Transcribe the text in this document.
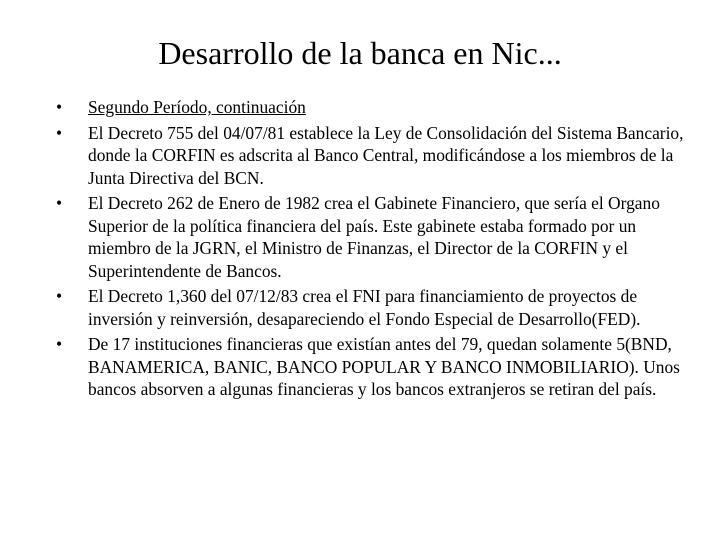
Desarrollo de la banca en Nic...
•	Segundo Período, continuación
•	El Decreto 755 del 04/07/81 establece la Ley de Consolidación del Sistema Bancario, donde la CORFIN es adscrita al Banco Central, modificándose a los miembros de la Junta Directiva del BCN.
•	El Decreto 262 de Enero de 1982 crea el Gabinete Financiero, que sería el Organo Superior de la política financiera del país. Este gabinete estaba formado por un miembro de la JGRN, el Ministro de Finanzas, el Director de la CORFIN y el Superintendente de Bancos.
•	El Decreto 1,360 del 07/12/83 crea el FNI para financiamiento de proyectos de inversión y reinversión, desapareciendo el Fondo Especial de Desarrollo(FED).
•	De 17 instituciones financieras que existían antes del 79, quedan solamente 5(BND, BANAMERICA, BANIC, BANCO POPULAR Y BANCO INMOBILIARIO). Unos bancos absorven a algunas financieras y los bancos extranjeros se retiran del país.
